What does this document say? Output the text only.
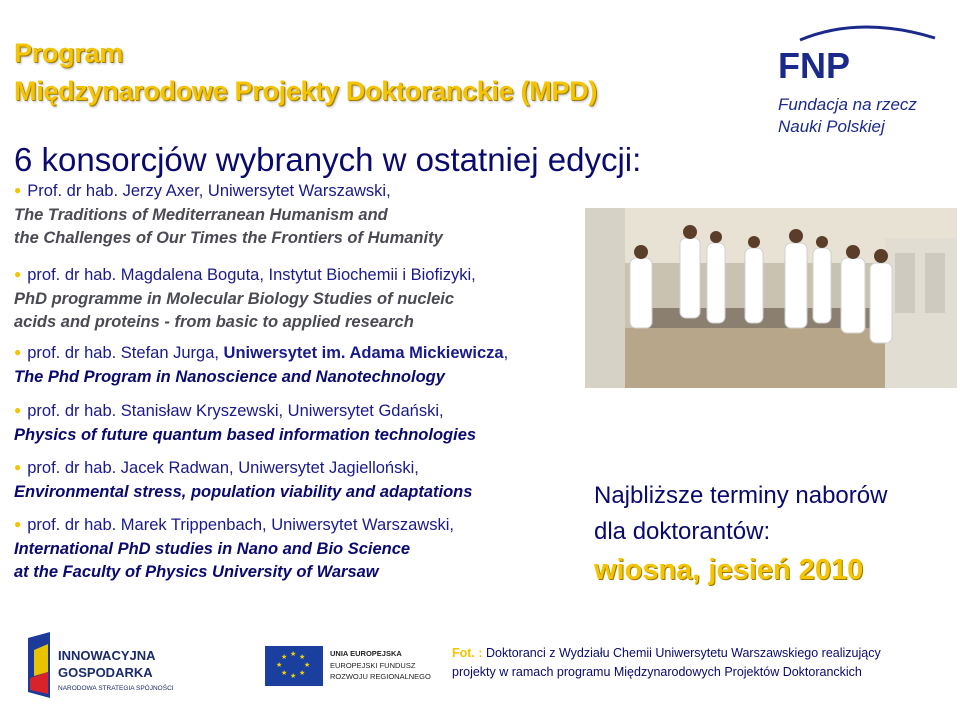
Program
Międzynarodowe Projekty Doktoranckie (MPD)
6 konsorcjów wybranych w ostatniej edycji:
FNP
Fundacja na rzecz
Nauki Polskiej
● Prof. dr hab. Jerzy Axer, Uniwersytet Warszawski,
The Traditions of Mediterranean Humanism and
the Challenges of Our Times the Frontiers of Humanity
● prof. dr hab. Magdalena Boguta, Instytut Biochemii i Biofizyki,
PhD programme in Molecular Biology Studies of nucleic
acids and proteins - from basic to applied research
● prof. dr hab. Stefan Jurga, Uniwersytet im. Adama Mickiewicza,
The Phd Program in Nanoscience and Nanotechnology
● prof. dr hab. Stanisław Kryszewski, Uniwersytet Gdański,
Physics of future quantum based information technologies
● prof. dr hab. Jacek Radwan, Uniwersytet Jagielloński,
Environmental stress, population viability and adaptations
● prof. dr hab. Marek Trippenbach, Uniwersytet Warszawski,
International PhD studies in Nano and Bio Science
at the Faculty of Physics University of Warsaw
Najbliższe terminy naborów
dla doktorantów:
wiosna, jesień 2010
INNOWACYJNA
GOSPODARKA
NARODOWA STRATEGIA SPÓJNOŚCI
★ ★
★
★
★
★
★
★	UNIA EUROPEJSKA
EUROPEJSKI FUNDUSZ
ROZWOJU REGIONALNEGO
Fot. : Doktoranci z Wydziału Chemii Uniwersytetu Warszawskiego realizujący
projekty w ramach programu Międzynarodowych Projektów Doktoranckich
